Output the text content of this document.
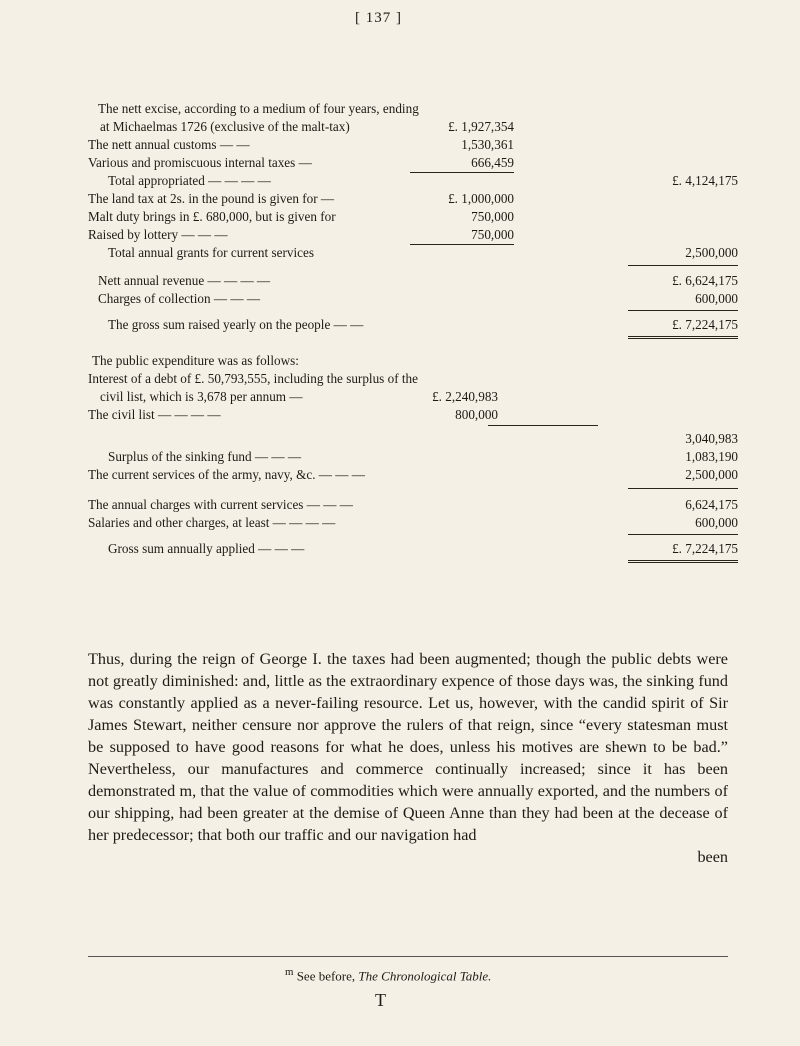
[ 137 ]
The nett excise, according to a medium of four years, ending
at Michaelmas 1726 (exclusive of the malt-tax)	£. 1,927,354
The nett annual customs — —	1,530,361
Various and promiscuous internal taxes —	666,459
Total appropriated — — — —	£. 4,124,175
The land tax at 2s. in the pound is given for —	£. 1,000,000
Malt duty brings in £. 680,000, but is given for	750,000
Raised by lottery — — —	750,000
Total annual grants for current services	2,500,000
Nett annual revenue — — — —	£. 6,624,175
Charges of collection — — —	600,000
The gross sum raised yearly on the people — —	£. 7,224,175
The public expenditure was as follows:
Interest of a debt of £. 50,793,555, including the surplus of the
civil list, which is 3,678 per annum —	£. 2,240,983
The civil list — — — —	800,000
3,040,983
Surplus of the sinking fund — — —	1,083,190
The current services of the army, navy, &c. — — —	2,500,000
The annual charges with current services — — —	6,624,175
Salaries and other charges, at least — — — —	600,000
Gross sum annually applied — — —	£. 7,224,175
Thus, during the reign of George I. the taxes had been augmented; though the public debts were not greatly diminished: and, little as the extraordinary expence of those days was, the sinking fund was constantly applied as a never-failing resource. Let us, however, with the candid spirit of Sir James Stewart, neither censure nor approve the rulers of that reign, since “every statesman must be supposed to have good reasons for what he does, unless his motives are shewn to be bad.” Nevertheless, our manufactures and commerce continually increased; since it has been demonstrated m, that the value of commodities which were annually exported, and the numbers of our shipping, had been greater at the demise of Queen Anne than they had been at the decease of her predecessor; that both our traffic and our navigation had
been
$^m$ See before, The Chronological Table.
T
